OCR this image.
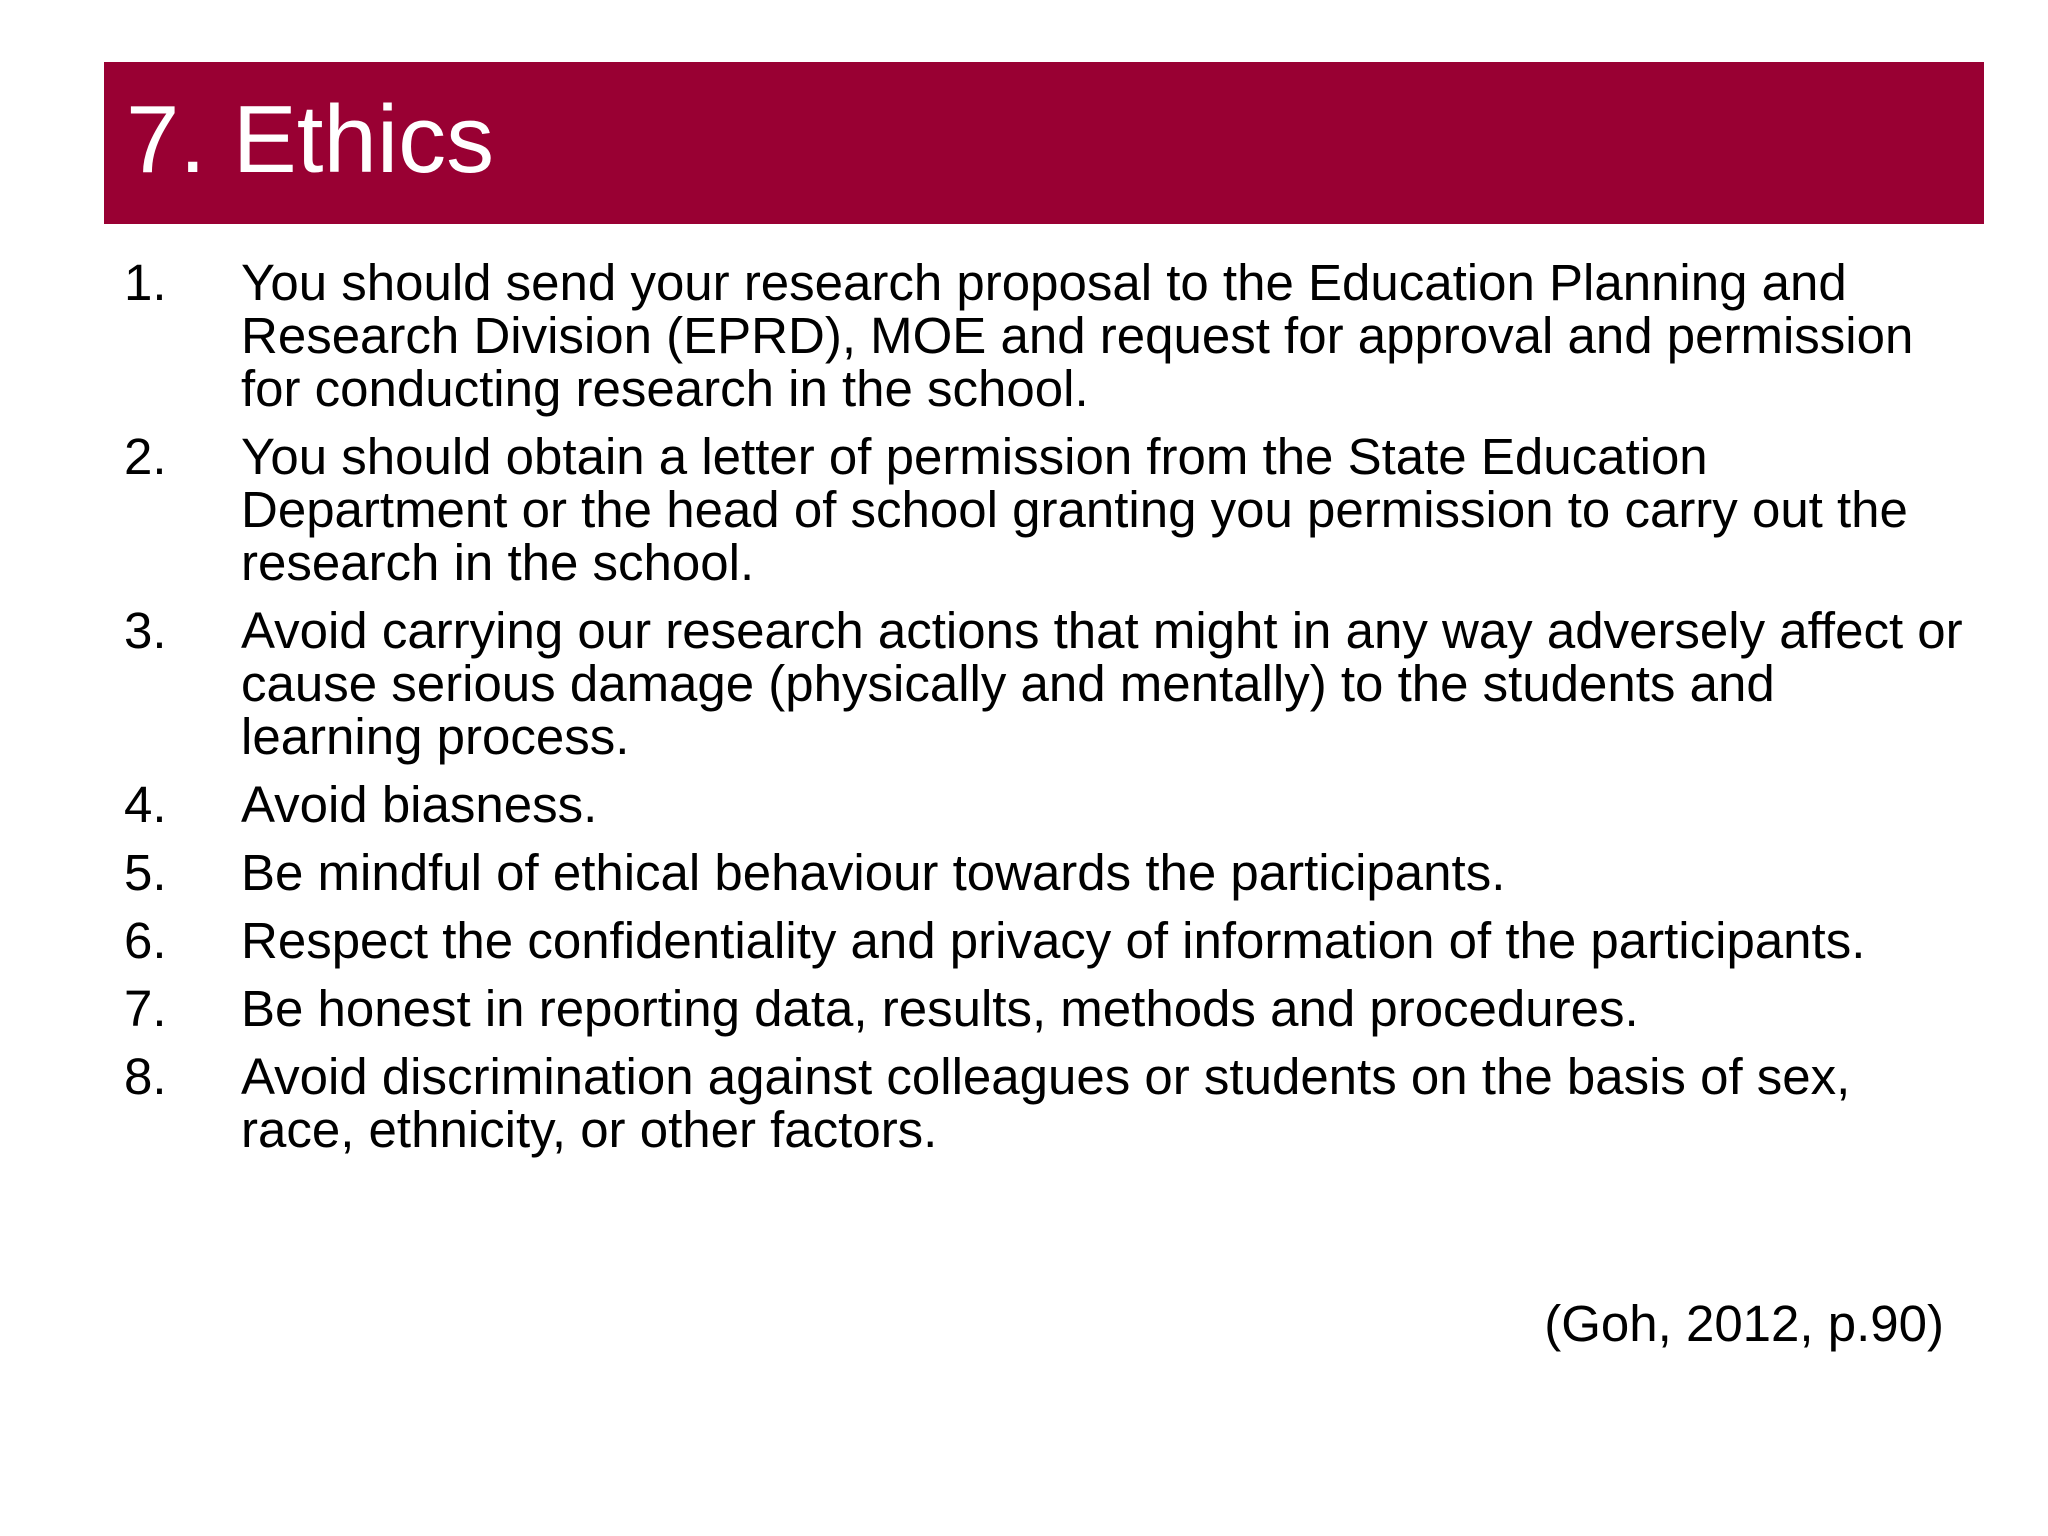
7. Ethics
1.	You should send your research proposal to the Education Planning and Research Division (EPRD), MOE and request for approval and permission for conducting research in the school.
2.	You should obtain a letter of permission from the State Education Department or the head of school granting you permission to carry out the research in the school.
3.	Avoid carrying our research actions that might in any way adversely affect or cause serious damage (physically and mentally) to the students and learning process.
4.	Avoid biasness.
5.	Be mindful of ethical behaviour towards the participants.
6.	Respect the confidentiality and privacy of information of the participants.
7.	Be honest in reporting data, results, methods and procedures.
8.	Avoid discrimination against colleagues or students on the basis of sex, race, ethnicity, or other factors.
(Goh, 2012, p.90)
